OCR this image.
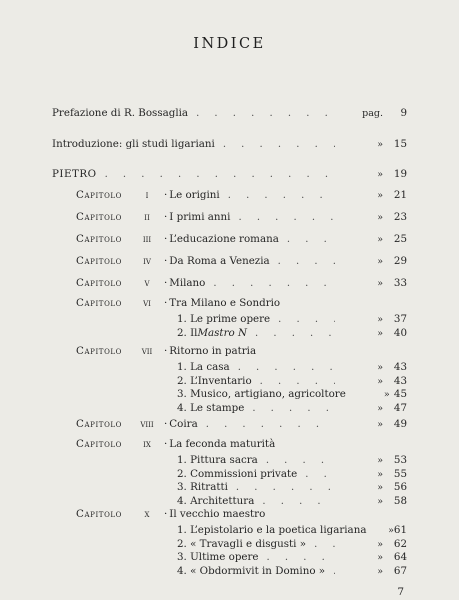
INDICE
Prefazione di R. Bossaglia . . .	pag.	9
Introduzione: gli studi ligariani . . .	»	15
PIETRO . . .	»	19
Capitolo	i	· Le origini . . .	»	21
Capitolo	ii	· I primi anni . . .	»	23
Capitolo	iii	· L’educazione romana . . .	»	25
Capitolo	iv	· Da Roma a Venezia . . .	»	29
Capitolo	v	· Milano . . .	»	33
Capitolo	vi	· Tra Milano e Sondrio
1. Le prime opere . . .	»	37
2. Il Mastro N . . .	»	40
Capitolo	vii	· Ritorno in patria
1. La casa . . .	»	43
2. L’Inventario . . .	»	43
3. Musico, artigiano, agricoltore	» 45
4. Le stampe . . .	»	47
Capitolo	viii	· Coira . . .	»	49
Capitolo	ix	· La feconda maturità
1. Pittura sacra . . .	»	53
2. Commissioni private . . .	»	55
3. Ritratti . . .	»	56
4. Architettura . . .	»	58
Capitolo	x	· Il vecchio maestro
1. L’epistolario e la poetica ligariana	» 61
2. « Travagli e disgusti » . . .	»	62
3. Ultime opere . . .	»	64
4. « Obdormivit in Domino » . . .	»	67
7
